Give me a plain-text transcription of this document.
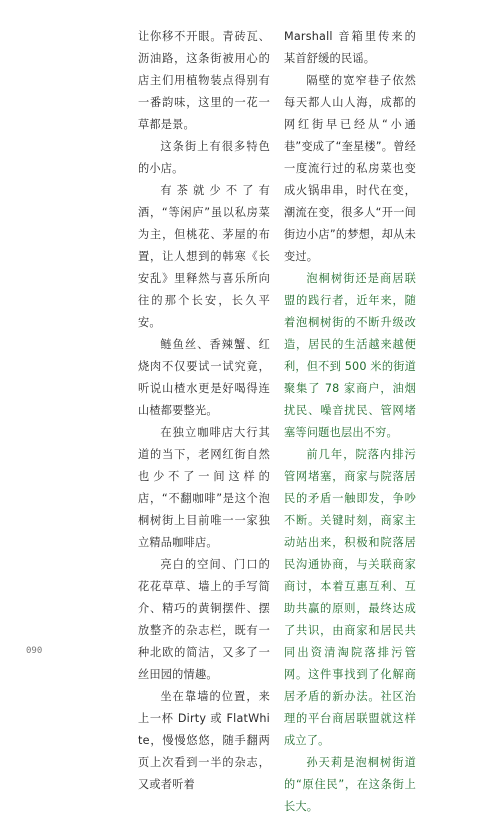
让你移不开眼。青砖瓦、沥油路，这条街被用心的店主们用植物装点得别有一番韵味，这里的一花一草都是景。

这条街上有很多特色的小店。

有茶就少不了有酒，“等闲庐”虽以私房菜为主，但桃花、茅屋的布置，让人想到的韩寒《长安乱》里释然与喜乐所向往的那个长安，长久平安。

鲢鱼丝、香辣蟹、红烧肉不仅要试一试究竟，听说山楂水更是好喝得连山楂都要整光。

在独立咖啡店大行其道的当下，老网红街自然也少不了一间这样的店，“不翻咖啡”是这个泡桐树街上目前唯一一家独立精品咖啡店。

亮白的空间、门口的花花草草、墙上的手写简介、精巧的黄铜摆件、摆放整齐的杂志栏，既有一种北欧的简洁，又多了一丝田园的情趣。

坐在靠墙的位置，来上一杯 Dirty 或 FlatWhite，慢慢悠悠，随手翻两页上次看到一半的杂志，又或者听着

Marshall 音箱里传来的某首舒缓的民谣。

隔壁的宽窄巷子依然每天都人山人海，成都的网红街早已经从“小通巷”变成了“奎星楼”。曾经一度流行过的私房菜也变成火锅串串，时代在变，潮流在变，很多人“开一间街边小店”的梦想，却从未变过。

泡桐树街还是商居联盟的践行者，近年来，随着泡桐树街的不断升级改造，居民的生活越来越便利，但不到 500 米的街道聚集了 78 家商户，油烟扰民、噪音扰民、管网堵塞等问题也层出不穷。

前几年，院落内排污管网堵塞，商家与院落居民的矛盾一触即发，争吵不断。关键时刻，商家主动站出来，积极和院落居民沟通协商，与关联商家商讨，本着互惠互利、互助共赢的原则，最终达成了共识，由商家和居民共同出资清淘院落排污管网。这件事找到了化解商居矛盾的新办法。社区治理的平台商居联盟就这样成立了。

孙天莉是泡桐树街道的“原住民”，在这条街上长大。

090
